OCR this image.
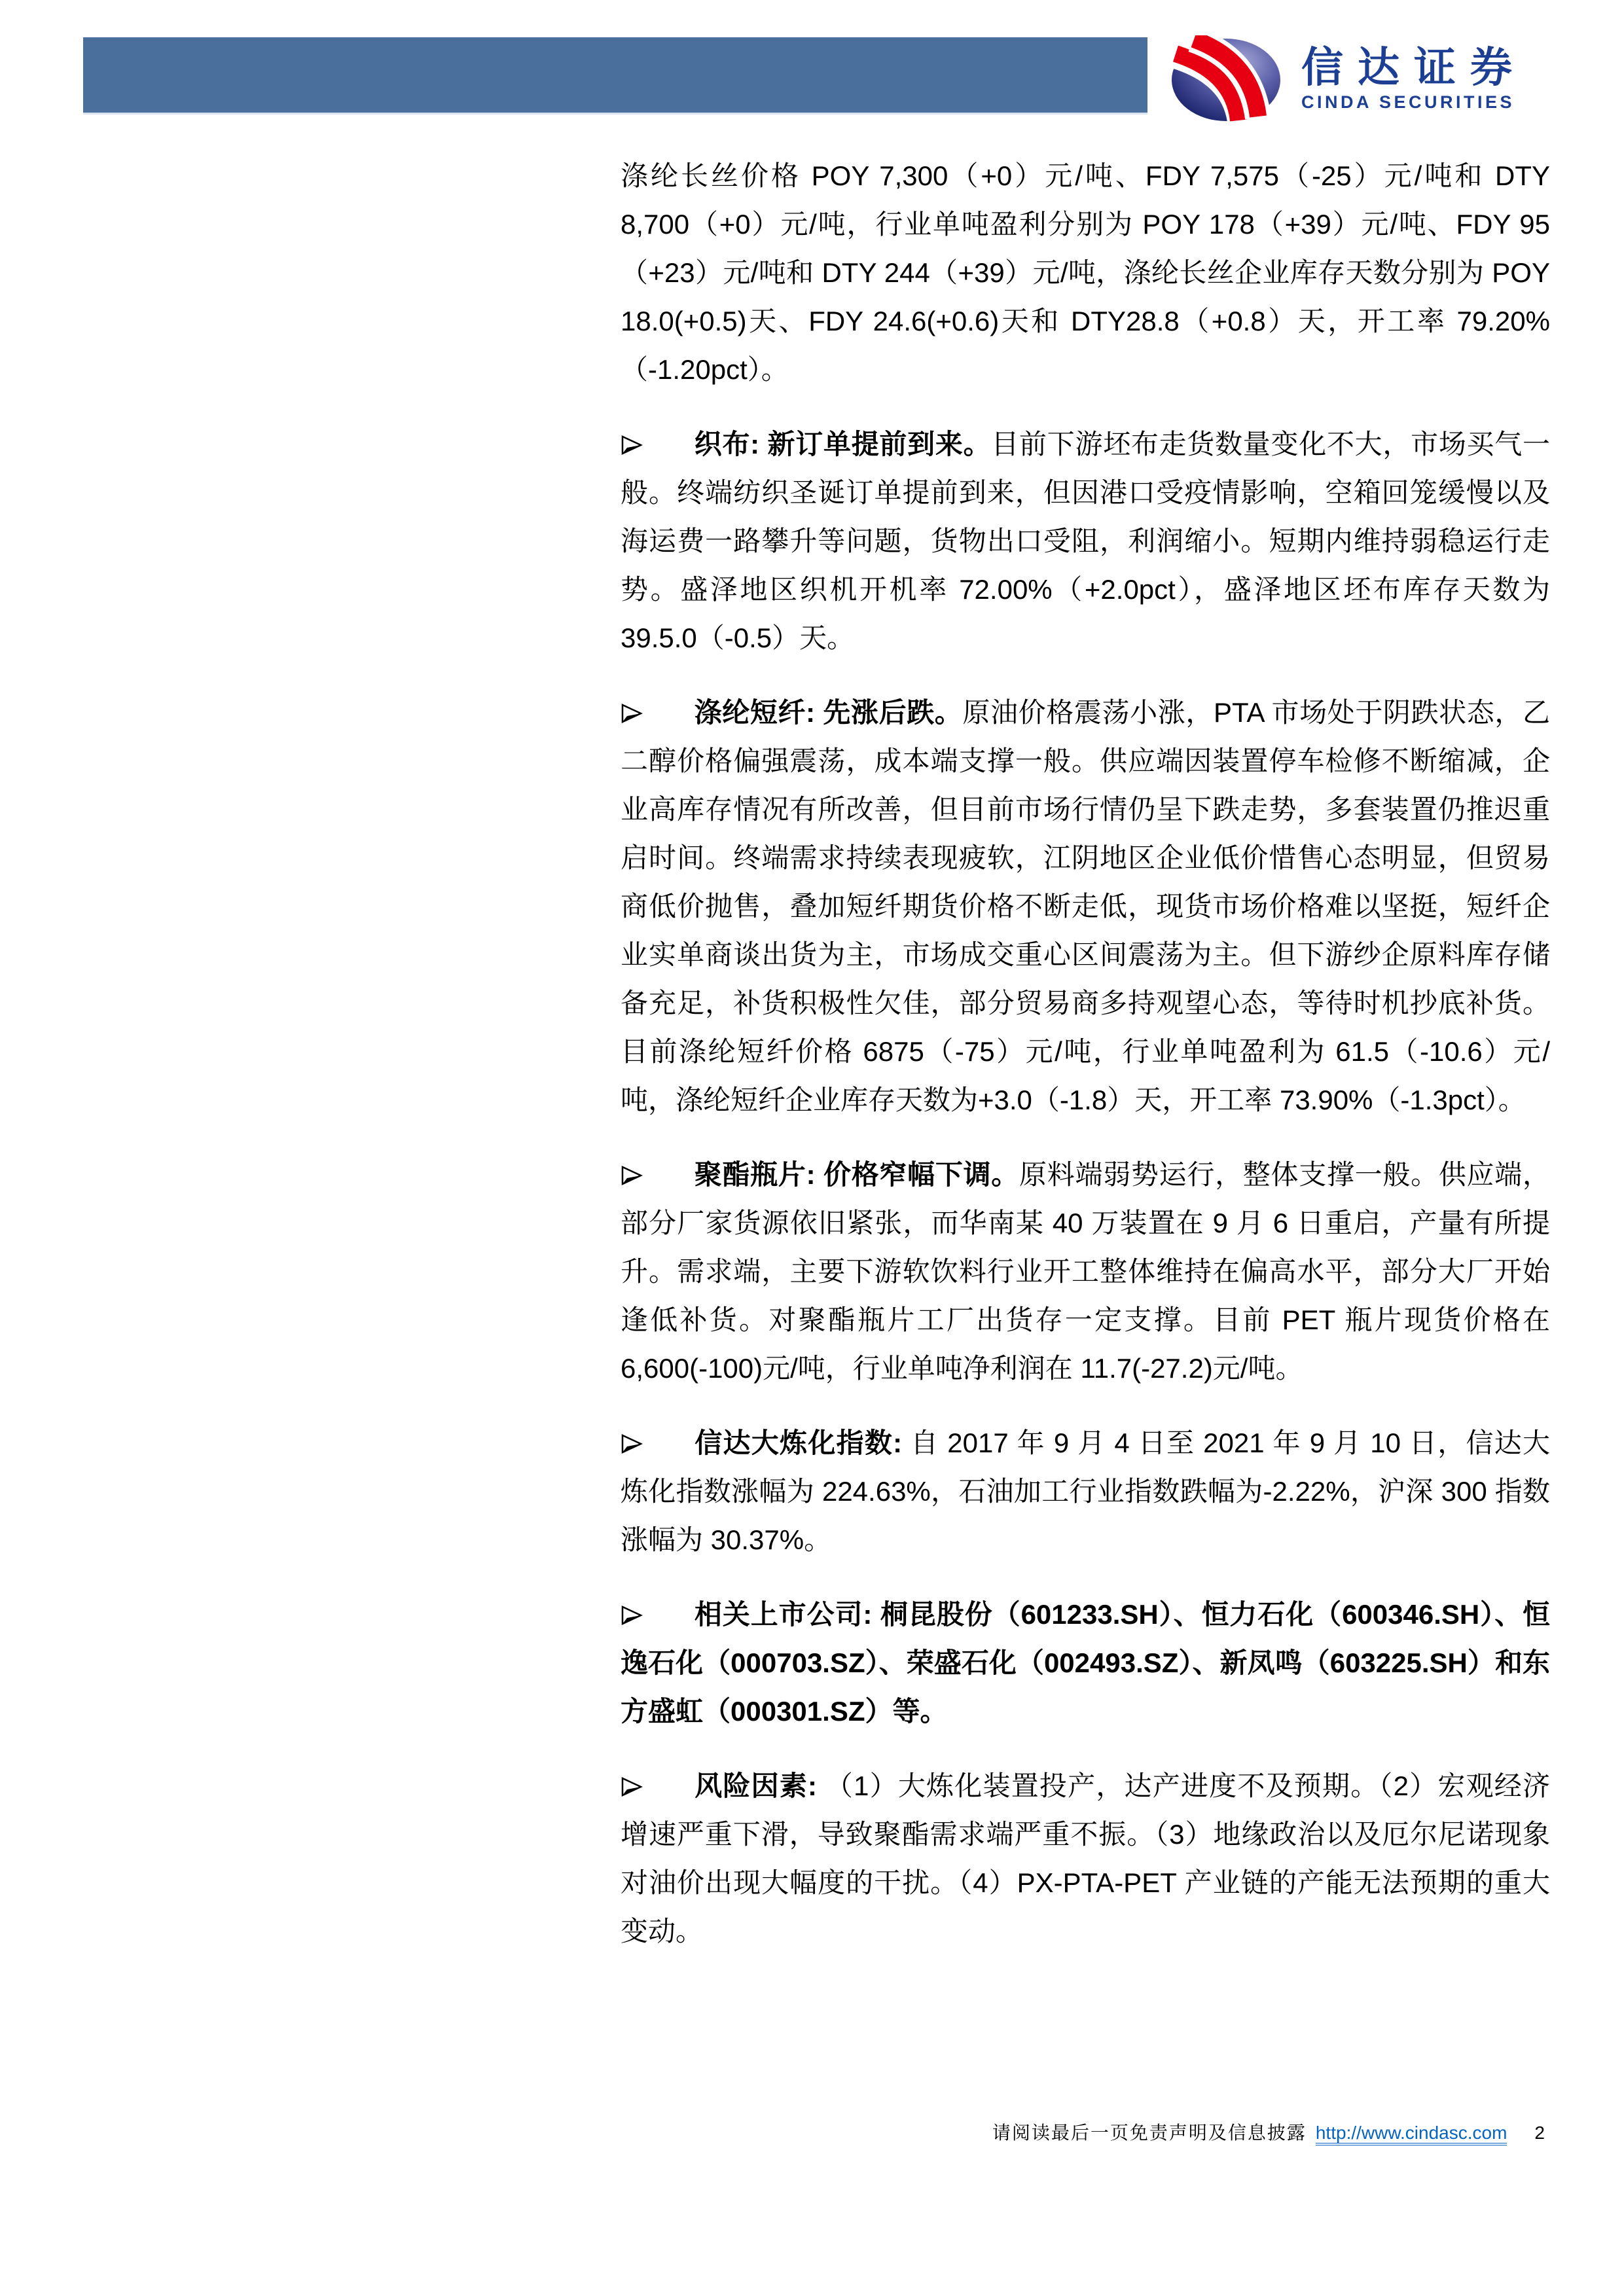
信达证券
CINDA SECURITIES

涤纶长丝价格 POY 7,300（+0）元/吨、FDY 7,575（-25）元/吨和 DTY 8,700（+0）元/吨，行业单吨盈利分别为 POY 178（+39）元/吨、FDY 95（+23）元/吨和 DTY 244（+39）元/吨，涤纶长丝企业库存天数分别为 POY 18.0(+0.5)天、FDY 24.6(+0.6)天和 DTY28.8（+0.8）天，开工率 79.20%（-1.20pct）。

织布: 新订单提前到来。目前下游坯布走货数量变化不大，市场买气一般。终端纺织圣诞订单提前到来，但因港口受疫情影响，空箱回笼缓慢以及海运费一路攀升等问题，货物出口受阻，利润缩小。短期内维持弱稳运行走势。盛泽地区织机开机率 72.00%（+2.0pct），盛泽地区坯布库存天数为 39.5.0（-0.5）天。
涤纶短纤: 先涨后跌。原油价格震荡小涨，PTA 市场处于阴跌状态，乙二醇价格偏强震荡，成本端支撑一般。供应端因装置停车检修不断缩减，企业高库存情况有所改善，但目前市场行情仍呈下跌走势，多套装置仍推迟重启时间。终端需求持续表现疲软，江阴地区企业低价惜售心态明显，但贸易商低价抛售，叠加短纤期货价格不断走低，现货市场价格难以坚挺，短纤企业实单商谈出货为主，市场成交重心区间震荡为主。但下游纱企原料库存储备充足，补货积极性欠佳，部分贸易商多持观望心态，等待时机抄底补货。目前涤纶短纤价格 6875（-75）元/吨，行业单吨盈利为 61.5（-10.6）元/吨，涤纶短纤企业库存天数为+3.0（-1.8）天，开工率 73.90%（-1.3pct）。
聚酯瓶片: 价格窄幅下调。原料端弱势运行，整体支撑一般。供应端，部分厂家货源依旧紧张，而华南某 40 万装置在 9 月 6 日重启，产量有所提升。需求端，主要下游软饮料行业开工整体维持在偏高水平，部分大厂开始逢低补货。对聚酯瓶片工厂出货存一定支撑。目前 PET 瓶片现货价格在 6,600(-100)元/吨，行业单吨净利润在 11.7(-27.2)元/吨。
信达大炼化指数: 自 2017 年 9 月 4 日至 2021 年 9 月 10 日，信达大炼化指数涨幅为 224.63%，石油加工行业指数跌幅为-2.22%，沪深 300 指数涨幅为 30.37%。
相关上市公司: 桐昆股份（601233.SH）、恒力石化（600346.SH）、恒逸石化（000703.SZ）、荣盛石化（002493.SZ）、新凤鸣（603225.SH）和东方盛虹（000301.SZ）等。
风险因素: （1）大炼化装置投产，达产进度不及预期。（2）宏观经济增速严重下滑，导致聚酯需求端严重不振。（3）地缘政治以及厄尔尼诺现象对油价出现大幅度的干扰。（4）PX-PTA-PET 产业链的产能无法预期的重大变动。
请阅读最后一页免责声明及信息披露 http://www.cindasc.com 2
